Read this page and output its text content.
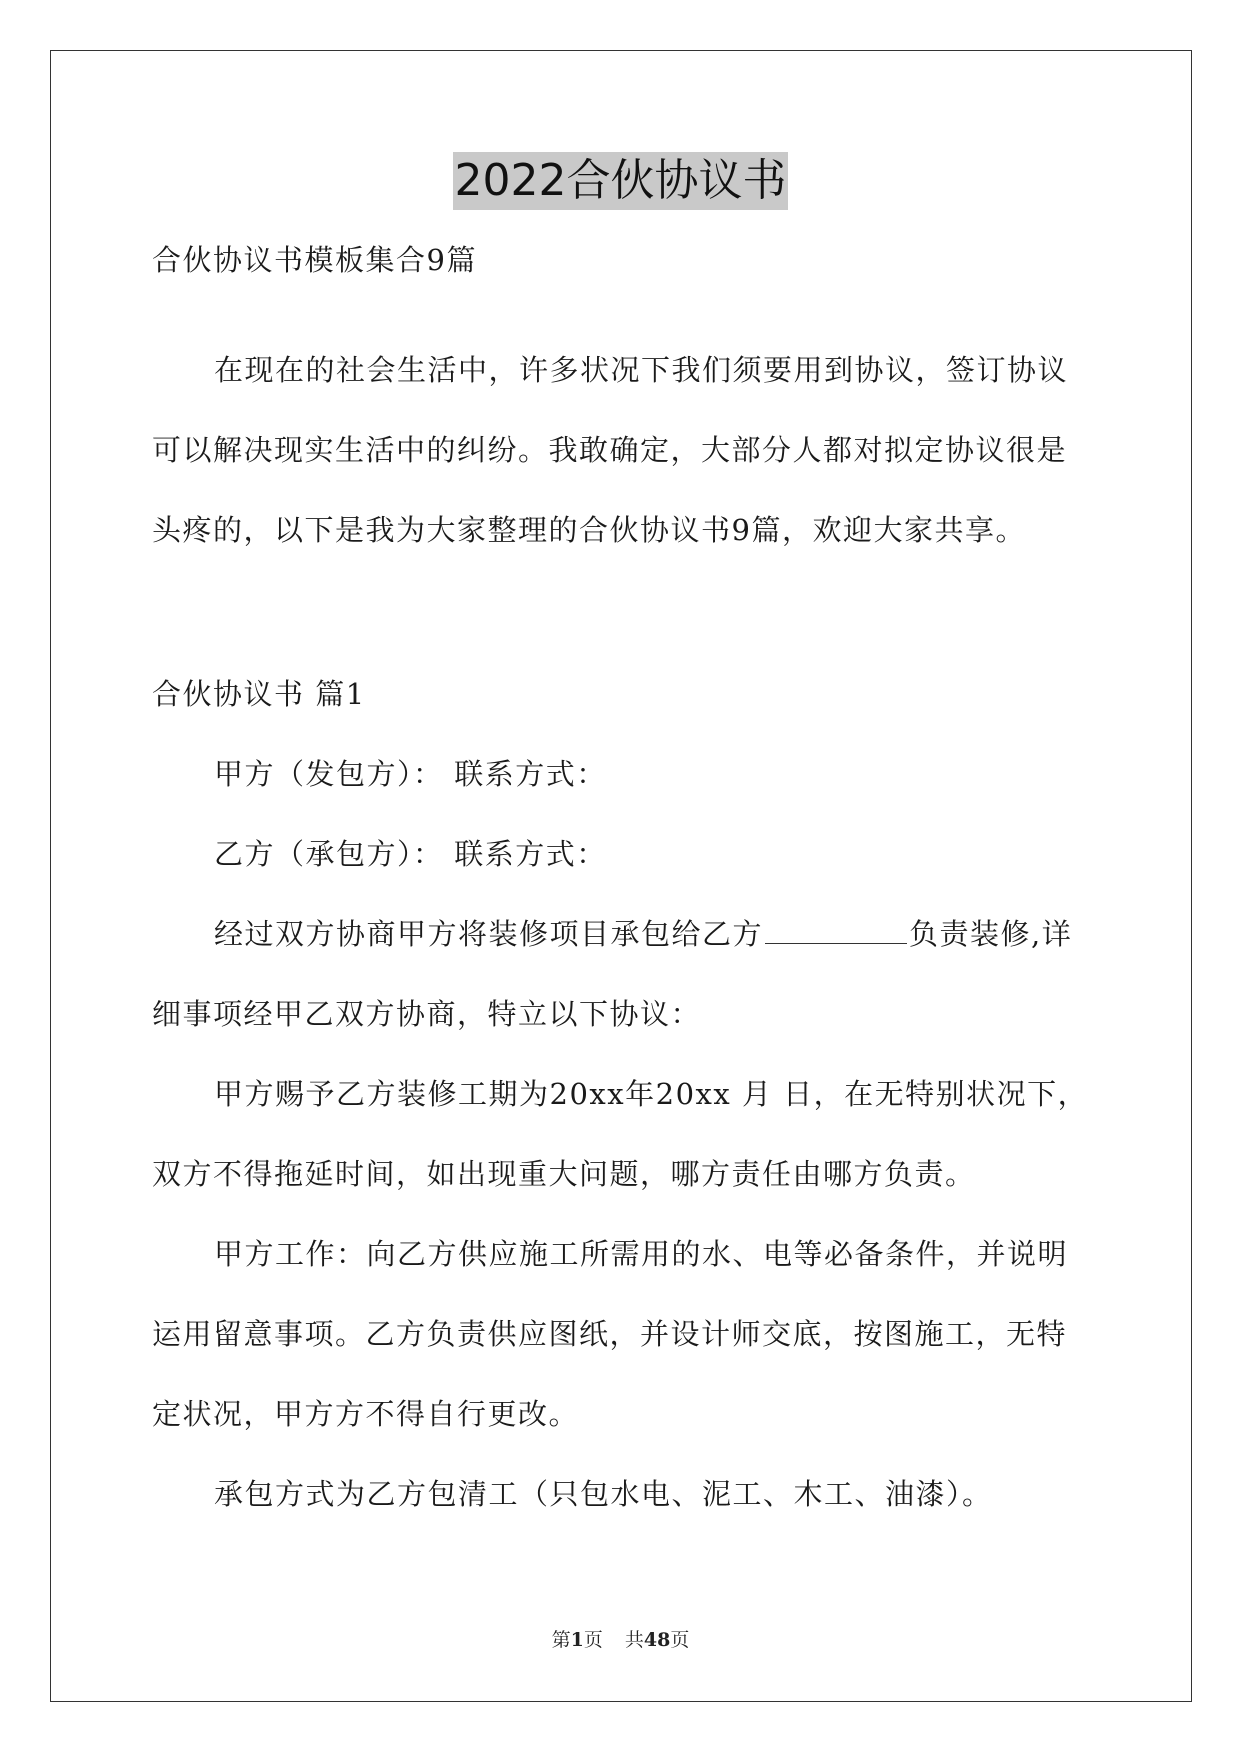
2022合伙协议书
合伙协议书模板集合9篇
在现在的社会生活中，许多状况下我们须要用到协议，签订协议
可以解决现实生活中的纠纷。我敢确定，大部分人都对拟定协议很是
头疼的，以下是我为大家整理的合伙协议书9篇，欢迎大家共享。
合伙协议书 篇1
甲方（发包方）： 联系方式：
乙方（承包方）： 联系方式：
经过双方协商甲方将装修项目承包给乙方	负责装修,详
细事项经甲乙双方协商，特立以下协议：
甲方赐予乙方装修工期为20xx年20xx 月 日，在无特别状况下，
双方不得拖延时间，如出现重大问题，哪方责任由哪方负责。
甲方工作：向乙方供应施工所需用的水、电等必备条件，并说明
运用留意事项。乙方负责供应图纸，并设计师交底，按图施工，无特
定状况，甲方方不得自行更改。
承包方式为乙方包清工（只包水电、泥工、木工、油漆）。
第1页 共48页
